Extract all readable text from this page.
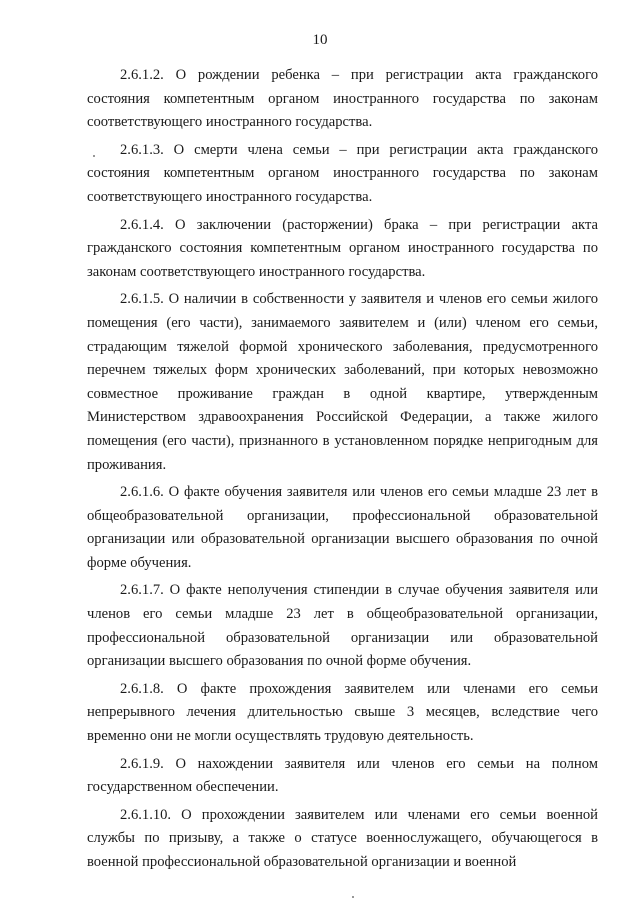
10

2.6.1.2. О рождении ребенка – при регистрации акта гражданского состояния компетентным органом иностранного государства по законам соответствующего иностранного государства.

2.6.1.3. О смерти члена семьи – при регистрации акта гражданского состояния компетентным органом иностранного государства по законам соответствующего иностранного государства.

2.6.1.4. О заключении (расторжении) брака – при регистрации акта гражданского состояния компетентным органом иностранного государства по законам соответствующего иностранного государства.

2.6.1.5. О наличии в собственности у заявителя и членов его семьи жилого помещения (его части), занимаемого заявителем и (или) членом его семьи, страдающим тяжелой формой хронического заболевания, предусмотренного перечнем тяжелых форм хронических заболеваний, при которых невозможно совместное проживание граждан в одной квартире, утвержденным Министерством здравоохранения Российской Федерации, а также жилого помещения (его части), признанного в установленном порядке непригодным для проживания.

2.6.1.6. О факте обучения заявителя или членов его семьи младше 23 лет в общеобразовательной организации, профессиональной образовательной организации или образовательной организации высшего образования по очной форме обучения.

2.6.1.7. О факте неполучения стипендии в случае обучения заявителя или членов его семьи младше 23 лет в общеобразовательной организации, профессиональной образовательной организации или образовательной организации высшего образования по очной форме обучения.

2.6.1.8. О факте прохождения заявителем или членами его семьи непрерывного лечения длительностью свыше 3 месяцев, вследствие чего временно они не могли осуществлять трудовую деятельность.

2.6.1.9. О нахождении заявителя или членов его семьи на полном государственном обеспечении.

2.6.1.10. О прохождении заявителем или членами его семьи военной службы по призыву, а также о статусе военнослужащего, обучающегося в военной профессиональной образовательной организации и военной
